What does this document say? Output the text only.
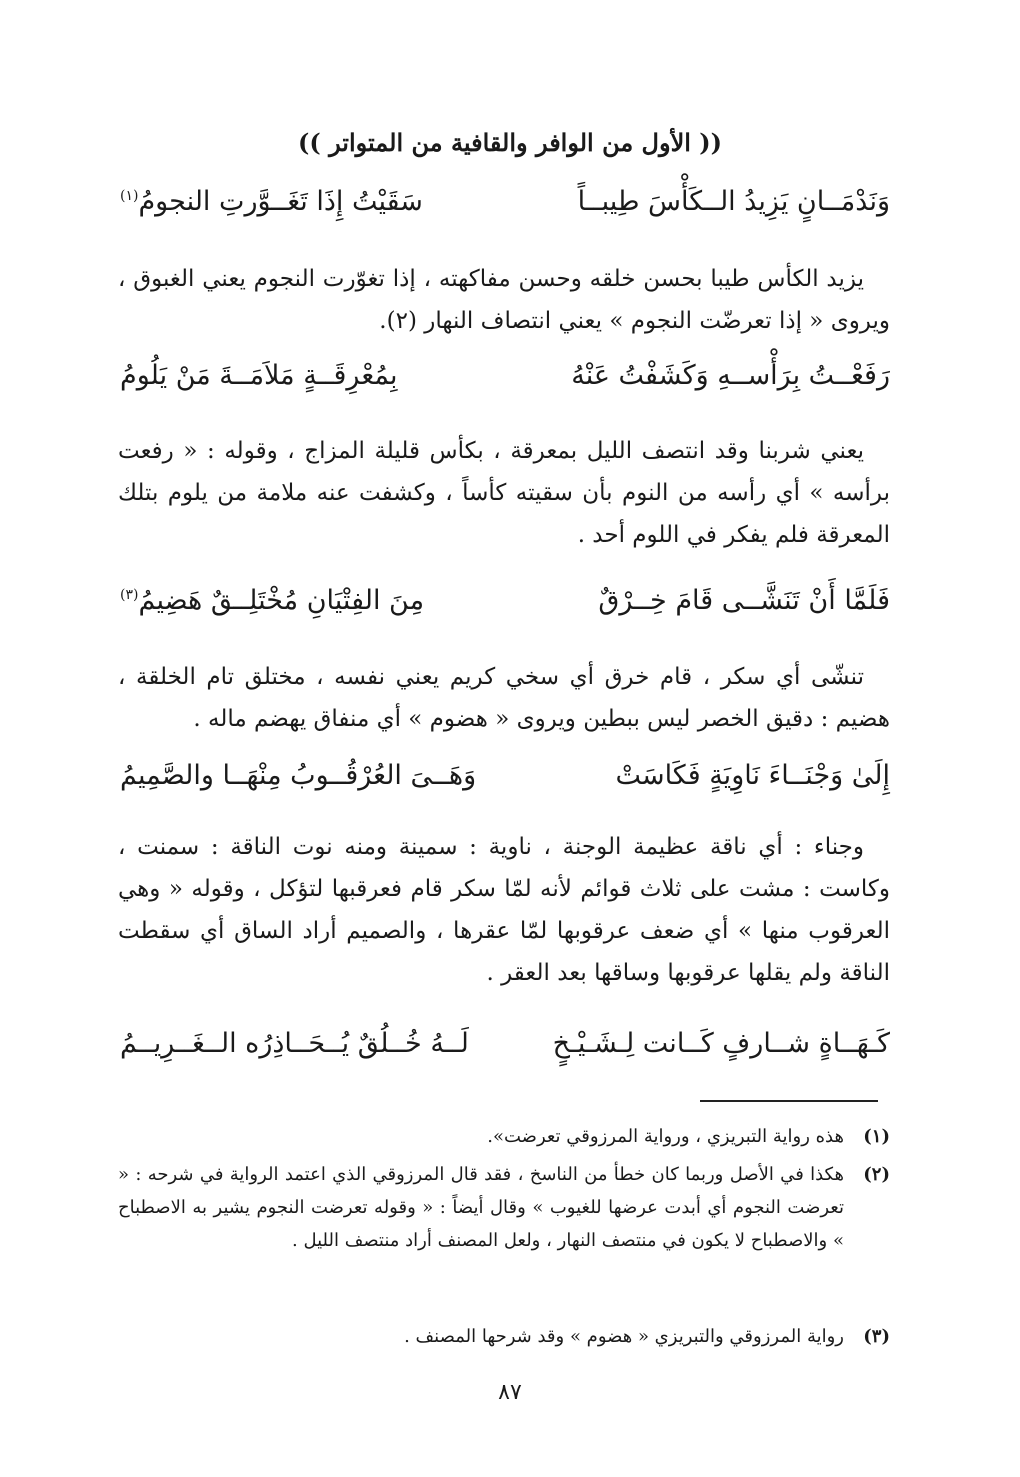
(( الأول من الوافر والقافية من المتواتر ))
وَنَدْمَــانٍ يَزِيدُ الــكَأْسَ طِيبــاً
سَقَيْتُ إِذَا تَغَــوَّرتِ النجومُ$^{(١)}$
يزيد الكأس طيبا بحسن خلقه وحسن مفاكهته ، إذا تغوّرت النجوم يعني الغبوق ، ويروى « إذا تعرضّت النجوم » يعني انتصاف النهار (٢).
رَفَعْــتُ بِرَأْســهِ وَكَشَفْتُ عَنْهُ
بِمُعْرِقَــةٍ مَلاَمَــةَ مَنْ يَلُومُ
يعني شربنا وقد انتصف الليل بمعرقة ، بكأس قليلة المزاج ، وقوله : « رفعت برأسه » أي رأسه من النوم بأن سقيته كأساً ، وكشفت عنه ملامة من يلوم بتلك المعرقة فلم يفكر في اللوم أحد .
فَلَمَّا أَنْ تَنَشَّــى قَامَ خِــرْقٌ
مِنَ الفِتْيَانِ مُخْتَلِــقٌ هَضِيمُ$^{(٣)}$
تنشّى أي سكر ، قام خرق أي سخي كريم يعني نفسه ، مختلق تام الخلقة ، هضيم : دقيق الخصر ليس ببطين ويروى « هضوم » أي منفاق يهضم ماله .
إِلَىٰ وَجْنَــاءَ نَاوِيَةٍ فَكَاسَتْ
وَهَــىَ العُرْقُــوبُ مِنْهَــا والصَّمِيمُ
وجناء : أي ناقة عظيمة الوجنة ، ناوية : سمينة ومنه نوت الناقة : سمنت ، وكاست : مشت على ثلاث قوائم لأنه لمّا سكر قام فعرقبها لتؤكل ، وقوله « وهي العرقوب منها » أي ضعف عرقوبها لمّا عقرها ، والصميم أراد الساق أي سقطت الناقة ولم يقلها عرقوبها وساقها بعد العقر .
كَـهَــاةٍ شــارفٍ كَــانت لِـشَـيْـخٍ
لَــهُ خُــلُقٌ يُــحَــاذِرُه الــغَــرِيــمُ
(١)
هذه رواية التبريزي ، ورواية المرزوقي تعرضت».
(٢)
هكذا في الأصل وربما كان خطأ من الناسخ ، فقد قال المرزوقي الذي اعتمد الرواية في شرحه : « تعرضت النجوم أي أبدت عرضها للغيوب » وقال أيضاً : « وقوله تعرضت النجوم يشير به الاصطباح » والاصطباح لا يكون في منتصف النهار ، ولعل المصنف أراد منتصف الليل .
(٣)
رواية المرزوقي والتبريزي « هضوم » وقد شرحها المصنف .
٨٧
